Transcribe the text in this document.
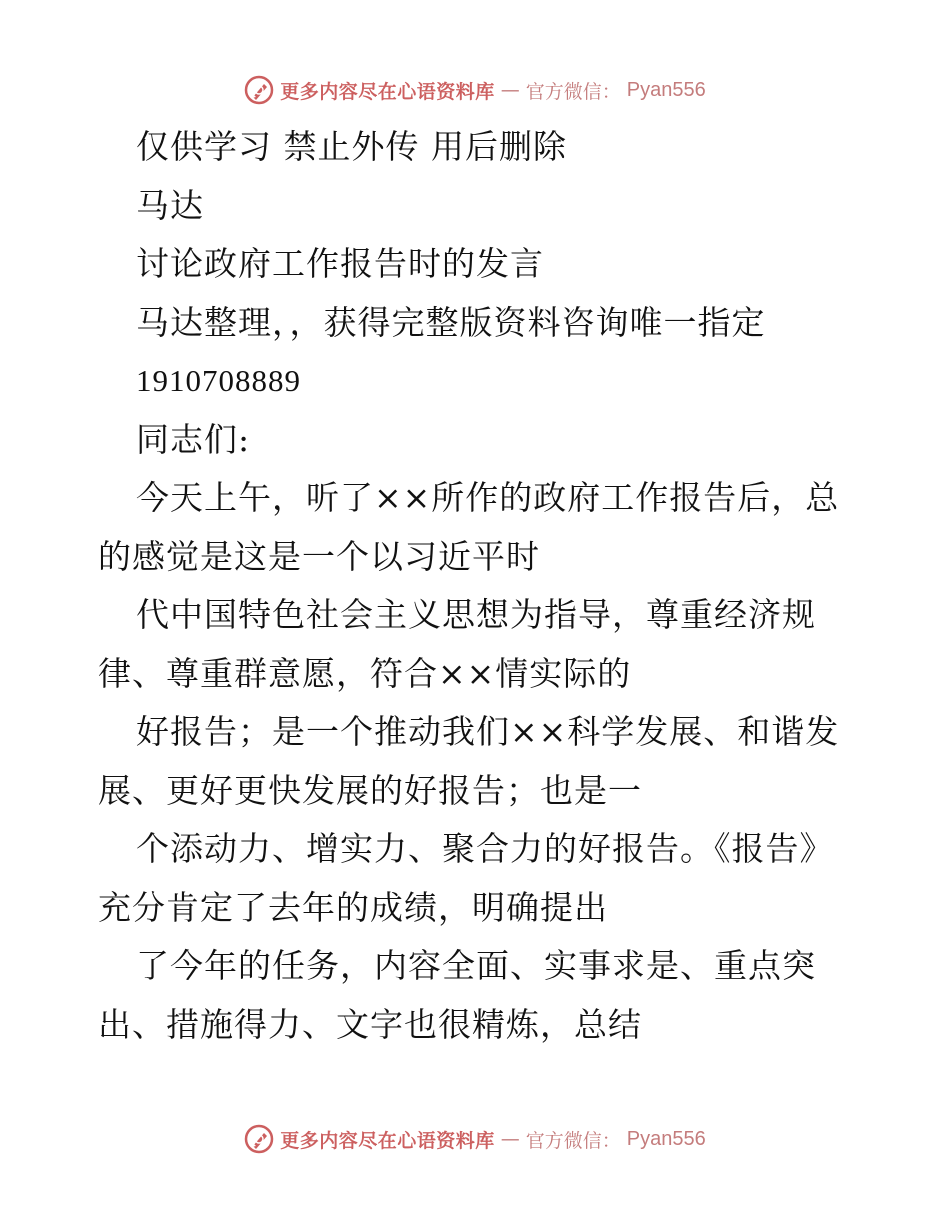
更多内容尽在心语资料库 — 官方微信： Pyan556
仅供学习 禁止外传 用后删除
马达
讨论政府工作报告时的发言
马达整理，，获得完整版资料咨询唯一指定
1910708889
同志们:
今天上午，听了××所作的政府工作报告后，总
的感觉是这是一个以习近平时
代中国特色社会主义思想为指导，尊重经济规
律、尊重群意愿，符合××情实际的
好报告；是一个推动我们××科学发展、和谐发
展、更好更快发展的好报告；也是一
个添动力、增实力、聚合力的好报告。《报告》
充分肯定了去年的成绩，明确提出
了今年的任务，内容全面、实事求是、重点突
出、措施得力、文字也很精炼，总结
更多内容尽在心语资料库 — 官方微信： Pyan556
